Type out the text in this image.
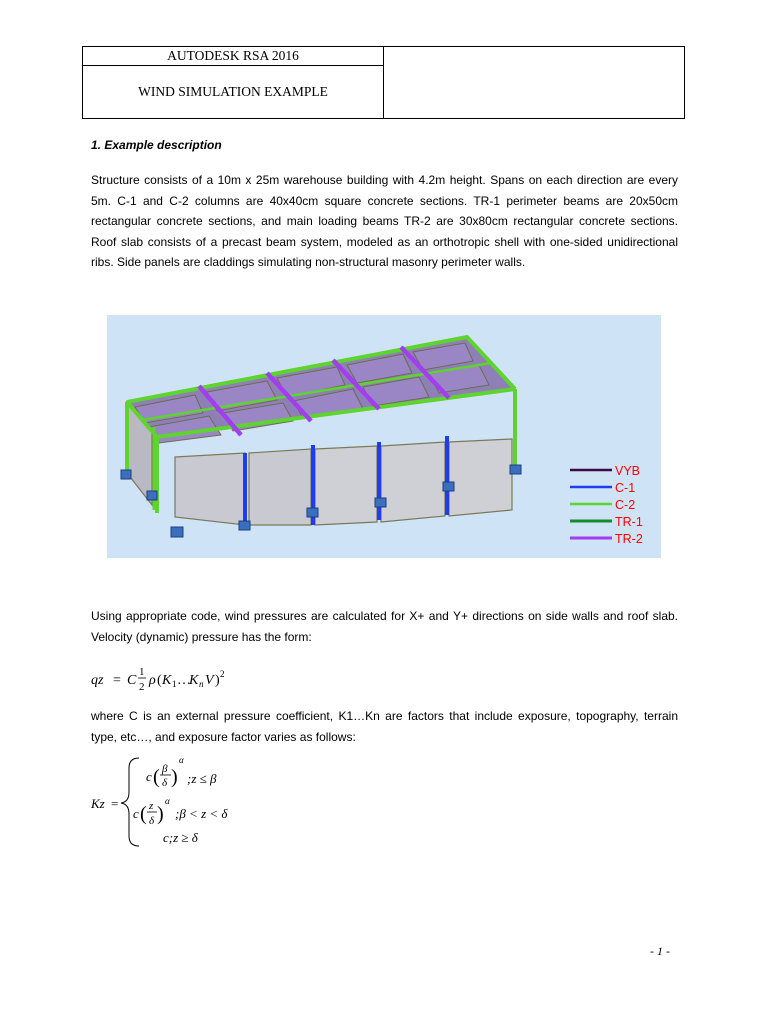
AUTODESK RSA 2016	
WIND SIMULATION EXAMPLE
1. Example description
Structure consists of a 10m x 25m warehouse building with 4.2m height. Spans on each direction are every 5m. C-1 and C-2 columns are 40x40cm square concrete sections. TR-1 perimeter beams are 20x50cm rectangular concrete sections, and main loading beams TR-2 are 30x80cm rectangular concrete sections. Roof slab consists of a precast beam system, modeled as an orthotropic shell with one-sided unidirectional ribs. Side panels are claddings simulating non-structural masonry perimeter walls.
VYB
C-1
C-2
TR-1
TR-2
Using appropriate code, wind pressures are calculated for X+ and Y+ directions on side walls and roof slab. Velocity (dynamic) pressure has the form:
qz = C
1
2 ρ ( K 1 …
K n V ) 2
where C is an external pressure coefficient, K1…Kn are factors that include exposure, topography, terrain type, etc…, and exposure factor varies as follows:
Kz =
c ( β
δ )
α
;z ≤ β
c ( z
δ )
α
;β < z < δ
c;z ≥ δ
- 1 -
